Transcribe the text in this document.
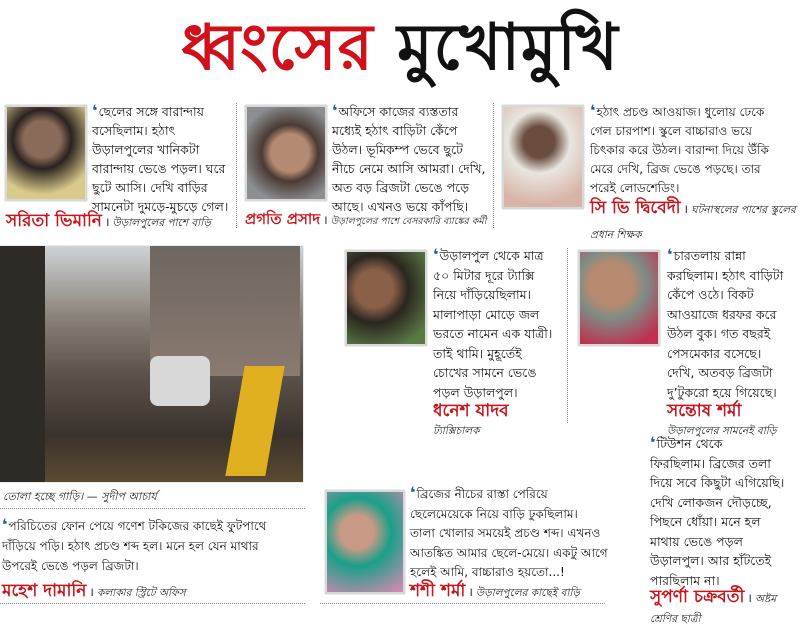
ধ্বংসের মুখোমুখি
তোলা হচ্ছে গাড়ি। — সুদীপ আচার্য
❛ছেলের সঙ্গে বারান্দায়

বসেছিলাম। হঠাৎ
উড়ালপুলের খানিকটা
বারান্দায় ভেঙে পড়ল। ঘরে
ছুটে আসি। দেখি বাড়ির
সামনেটা দুমড়ে-মুচড়ে গেল।
সরিতা ভিমানি । উড়ালপুলের পাশে বাড়ি
❛অফিসে কাজের ব্যস্ততার

মধ্যেই হঠাৎ বাড়িটা কেঁপে
উঠল। ভূমিকম্প ভেবে ছুটে
নীচে নেমে আসি আমরা। দেখি,
অত বড় ব্রিজটা ভেঙে পড়ে
আছে। এখনও ভয়ে কাঁপছি।
প্রগতি প্রসাদ । উড়ালপুলের পাশে বেসরকারি ব্যাঙ্কের কর্মী
❛হঠাৎ প্রচণ্ড আওয়াজ। ধুলোয় ঢেকে

গেল চারপাশ। স্কুলে বাচ্চারাও ভয়ে
চিৎকার করে উঠল। বারান্দা দিয়ে উঁকি
মেরে দেখি, ব্রিজ ভেঙে পড়ছে। তার
পরেই লোডশেডিং।
সি ভি দ্বিবেদী । ঘটনাস্থলের পাশের স্কুলের
প্রধান শিক্ষক
❛উড়ালপুল থেকে মাত্র

৫০ মিটার দূরে ট্যাক্সি
নিয়ে দাঁড়িয়েছিলাম।
মালাপাড়া মোড়ে জল
ভরতে নামেন এক যাত্রী।
তাই থামি। মুহূর্তেই
চোখের সামনে ভেঙে
পড়ল উড়ালপুল।
ধনেশ যাদব
ট্যাক্সিচালক
❛চারতলায় রান্না

করছিলাম। হঠাৎ বাড়িটা
কেঁপে ওঠে। বিকট
আওয়াজে ধরফর করে
উঠল বুক। গত বছরই
পেসমেকার বসেছে।
দেখি, অতবড় ব্রিজটা
দু’টুকরো হয়ে গিয়েছে।
সন্তোষ শর্মা
উড়ালপুলের সামনেই বাড়ি
❛টিউশন থেকে

ফিরছিলাম। ব্রিজের তলা
দিয়ে সবে কিছুটা এগিয়েছি।
দেখি লোকজন দৌড়চ্ছে,
পিছনে ধোঁয়া। মনে হল
মাথায় ভেঙে পড়ল
উড়ালপুল। আর হাঁটতেই
পারছিলাম না।
সুপর্ণা চক্রবর্তী । অষ্টম
শ্রেণির ছাত্রী
❛ব্রিজের নীচের রাস্তা পেরিয়ে

ছেলেমেয়েকে নিয়ে বাড়ি ঢুকছিলাম।
তালা খোলার সময়েই প্রচণ্ড শব্দ। এখনও
আতঙ্কিত আমার ছেলে-মেয়ে। একটু আগে
হলেই আমি, বাচ্চারাও হয়তো...!
শশী শর্মা । উড়ালপুলের কাছেই বাড়ি
❛পরিচিতের ফোন পেয়ে গণেশ টকিজের কাছেই ফুটপাথে

দাঁড়িয়ে পড়ি। হঠাৎ প্রচণ্ড শব্দ হল। মনে হল যেন মাথার
উপরেই ভেঙে পড়ল ব্রিজটা।
মহেশ দামানি । কলাকার স্ট্রিটে অফিস
